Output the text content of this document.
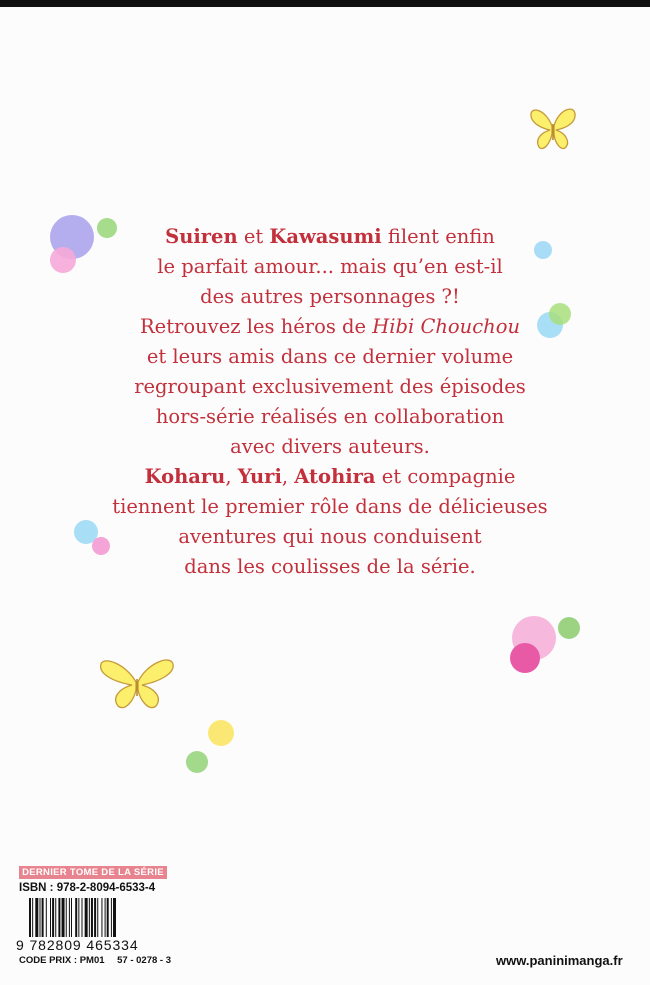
Suiren et Kawasumi filent enfin
le parfait amour... mais qu’en est-il
des autres personnages ?!
Retrouvez les héros de Hibi Chouchou
et leurs amis dans ce dernier volume
regroupant exclusivement des épisodes
hors-série réalisés en collaboration
avec divers auteurs.
Koharu, Yuri, Atohira et compagnie
tiennent le premier rôle dans de délicieuses
aventures qui nous conduisent
dans les coulisses de la série.
DERNIER TOME DE LA SÉRIE
ISBN : 978-2-8094-6533-4
9 782809 465334
CODE PRIX : PM01 57 - 0278 - 3	www.paninimanga.fr
